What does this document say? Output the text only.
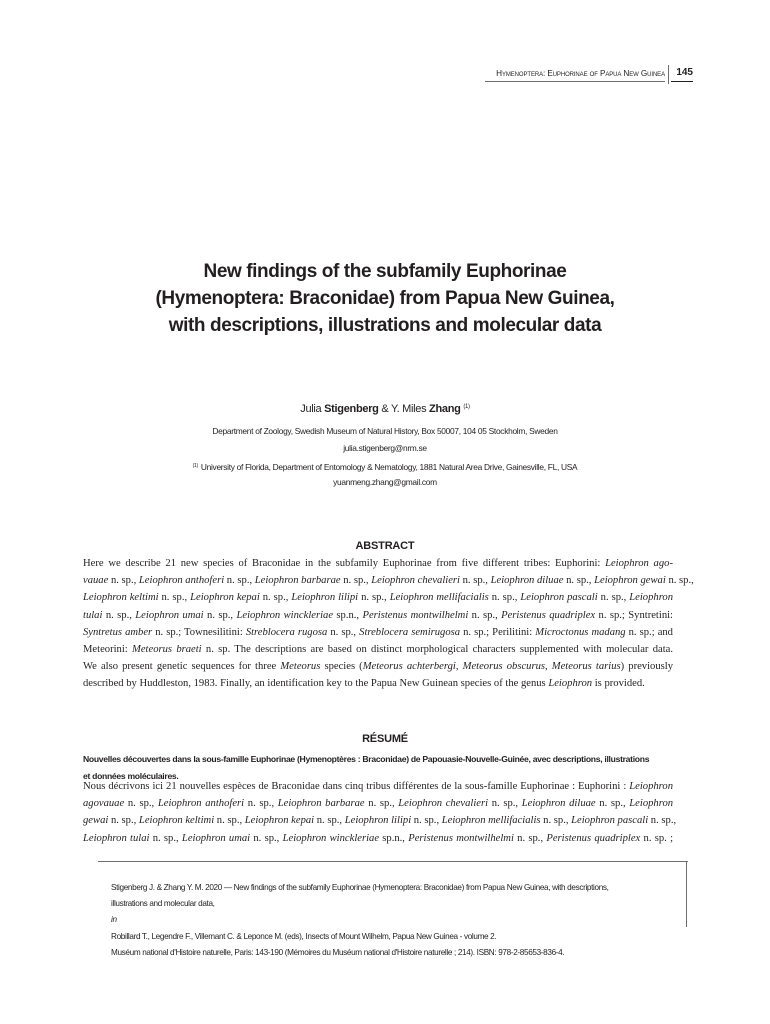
Hymenoptera: Euphorinae of Papua New Guinea	145
New findings of the subfamily Euphorinae
(Hymenoptera: Braconidae) from Papua New Guinea,
with descriptions, illustrations and molecular data
Julia Stigenberg & Y. Miles Zhang $^{(1)}$
Department of Zoology, Swedish Museum of Natural History, Box 50007, 104 05 Stockholm, Sweden
julia.stigenberg@nrm.se
$^{(1)}$ University of Florida, Department of Entomology & Nematology, 1881 Natural Area Drive, Gainesville, FL, USA
yuanmeng.zhang@gmail.com
ABSTRACT
Here we describe 21 new species of Braconidae in the subfamily Euphorinae from five different tribes: Euphorini: Leiophron ago-
vauae n. sp., Leiophron anthoferi n. sp., Leiophron barbarae n. sp., Leiophron chevalieri n. sp., Leiophron diluae n. sp., Leiophron gewai n. sp.,
Leiophron keltimi n. sp., Leiophron kepai n. sp., Leiophron lilipi n. sp., Leiophron mellifacialis n. sp., Leiophron pascali n. sp., Leiophron
tulai n. sp., Leiophron umai n. sp., Leiophron winckleriae sp.n., Peristenus montwilhelmi n. sp., Peristenus quadriplex n. sp.; Syntretini:
Syntretus amber n. sp.; Townesilitini: Streblocera rugosa n. sp., Streblocera semirugosa n. sp.; Perilitini: Microctonus madang n. sp.; and
Meteorini: Meteorus braeti n. sp. The descriptions are based on distinct morphological characters supplemented with molecular data.
We also present genetic sequences for three Meteorus species (Meteorus achterbergi, Meteorus obscurus, Meteorus tarius) previously
described by Huddleston, 1983. Finally, an identification key to the Papua New Guinean species of the genus Leiophron is provided.
RÉSUMÉ
Nouvelles découvertes dans la sous-famille Euphorinae (Hymenoptères : Braconidae) de Papouasie-Nouvelle-Guinée, avec descriptions, illustrations
et données moléculaires.
Nous décrivons ici 21 nouvelles espèces de Braconidae dans cinq tribus différentes de la sous-famille Euphorinae : Euphorini : Leiophron
agovauae n. sp., Leiophron anthoferi n. sp., Leiophron barbarae n. sp., Leiophron chevalieri n. sp., Leiophron diluae n. sp., Leiophron
gewai n. sp., Leiophron keltimi n. sp., Leiophron kepai n. sp., Leiophron lilipi n. sp., Leiophron mellifacialis n. sp., Leiophron pascali n. sp.,
Leiophron tulai n. sp., Leiophron umai n. sp., Leiophron winckleriae sp.n., Peristenus montwilhelmi n. sp., Peristenus quadriplex n. sp. ;
Stigenberg J. & Zhang Y. M. 2020 — New findings of the subfamily Euphorinae (Hymenoptera: Braconidae) from Papua New Guinea, with descriptions,
illustrations and molecular data,
in
Robillard T., Legendre F., Villemant C. & Leponce M. (eds), Insects of Mount Wilhelm, Papua New Guinea - volume 2.
Muséum national d'Histoire naturelle, Paris: 143-190 (Mémoires du Muséum national d'Histoire naturelle ; 214). ISBN: 978-2-85653-836-4.
